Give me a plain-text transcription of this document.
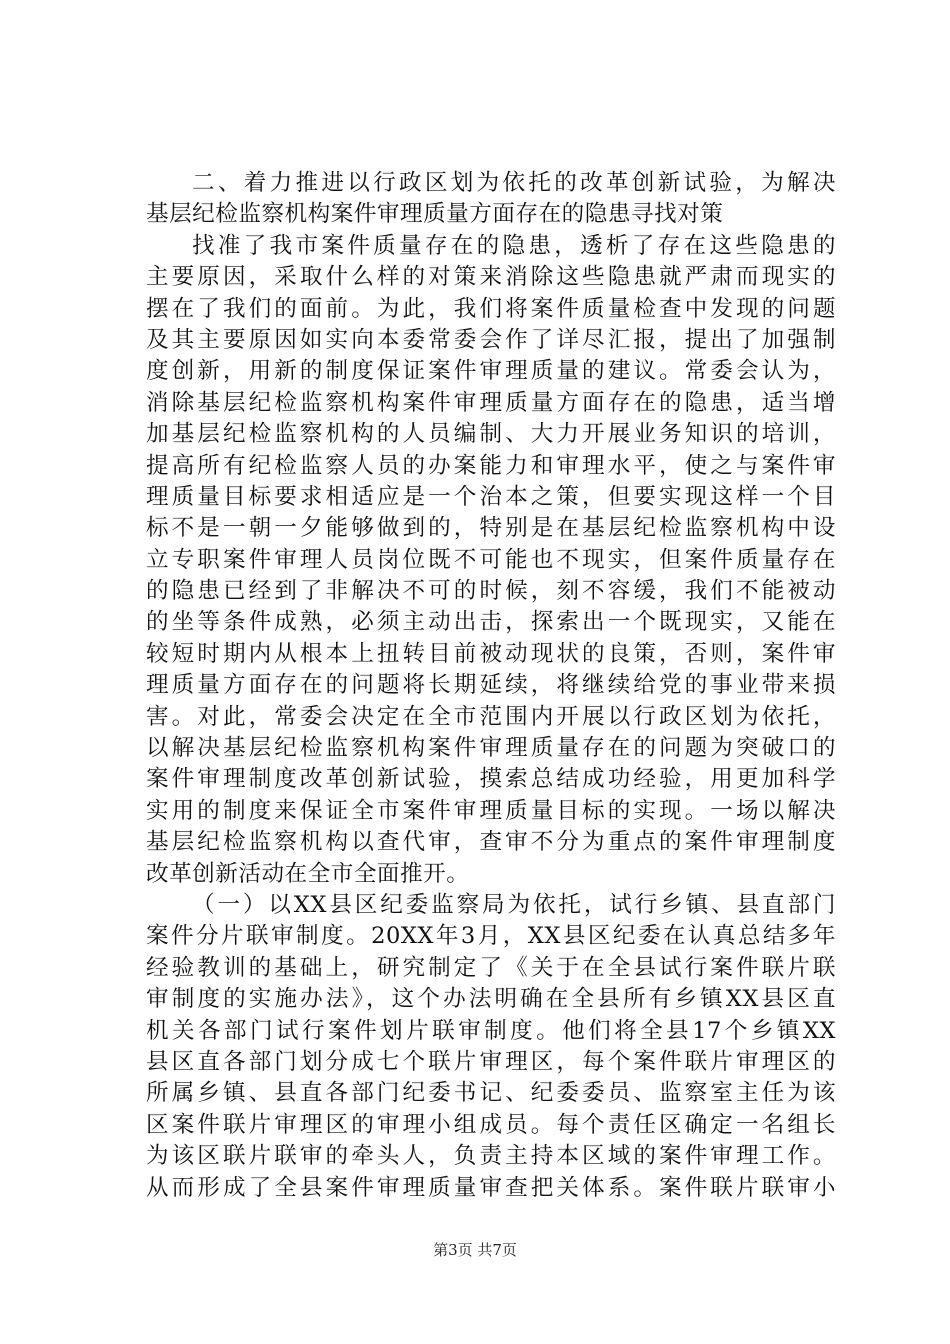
二、着力推进以行政区划为依托的改革创新试验，为解决
基层纪检监察机构案件审理质量方面存在的隐患寻找对策
找准了我市案件质量存在的隐患，透析了存在这些隐患的
主要原因，采取什么样的对策来消除这些隐患就严肃而现实的
摆在了我们的面前。为此，我们将案件质量检查中发现的问题
及其主要原因如实向本委常委会作了详尽汇报，提出了加强制
度创新，用新的制度保证案件审理质量的建议。常委会认为，
消除基层纪检监察机构案件审理质量方面存在的隐患，适当增
加基层纪检监察机构的人员编制、大力开展业务知识的培训，
提高所有纪检监察人员的办案能力和审理水平，使之与案件审
理质量目标要求相适应是一个治本之策，但要实现这样一个目
标不是一朝一夕能够做到的，特别是在基层纪检监察机构中设
立专职案件审理人员岗位既不可能也不现实，但案件质量存在
的隐患已经到了非解决不可的时候，刻不容缓，我们不能被动
的坐等条件成熟，必须主动出击，探索出一个既现实，又能在
较短时期内从根本上扭转目前被动现状的良策，否则，案件审
理质量方面存在的问题将长期延续，将继续给党的事业带来损
害。对此，常委会决定在全市范围内开展以行政区划为依托，
以解决基层纪检监察机构案件审理质量存在的问题为突破口的
案件审理制度改革创新试验，摸索总结成功经验，用更加科学
实用的制度来保证全市案件审理质量目标的实现。一场以解决
基层纪检监察机构以查代审，查审不分为重点的案件审理制度
改革创新活动在全市全面推开。
（一）以XX县区纪委监察局为依托，试行乡镇、县直部门
案件分片联审制度。20XX年3月，XX县区纪委在认真总结多年
经验教训的基础上，研究制定了《关于在全县试行案件联片联
审制度的实施办法》，这个办法明确在全县所有乡镇XX县区直
机关各部门试行案件划片联审制度。他们将全县17个乡镇XX
县区直各部门划分成七个联片审理区，每个案件联片审理区的
所属乡镇、县直各部门纪委书记、纪委委员、监察室主任为该
区案件联片审理区的审理小组成员。每个责任区确定一名组长
为该区联片联审的牵头人，负责主持本区域的案件审理工作。
从而形成了全县案件审理质量审查把关体系。案件联片联审小
第3页 共7页
